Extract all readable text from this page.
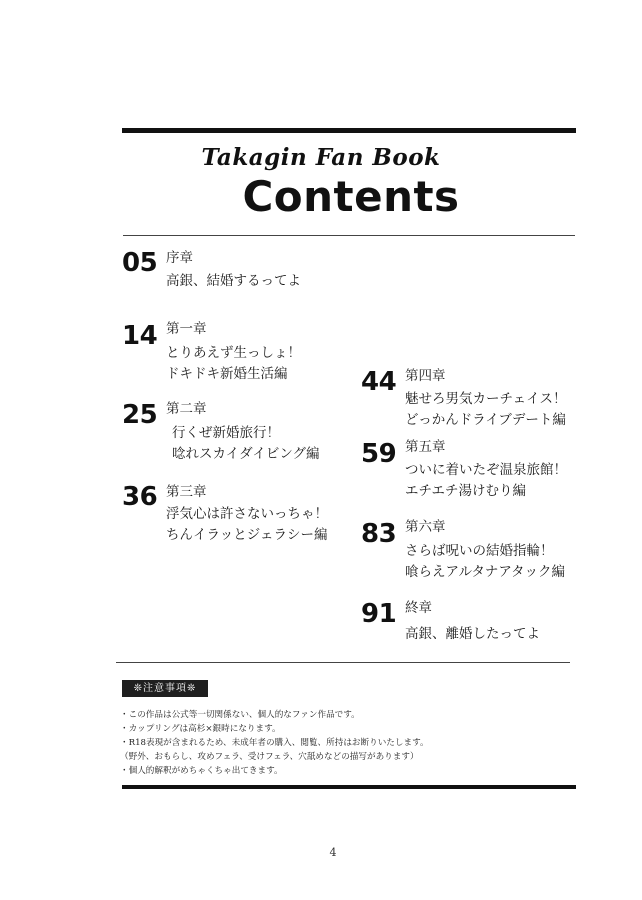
Takagin Fan Book
Contents
05 序章
高銀、結婚するってよ
14 第一章
とりあえず生っしょ！
ドキドキ新婚生活編
25 第二章
行くぜ新婚旅行！
唸れスカイダイビング編
36 第三章
浮気心は許さないっちゃ！
ちんイラッとジェラシー編
44 第四章
魅せろ男気カーチェイス！
どっかんドライブデート編
59 第五章
ついに着いたぞ温泉旅館！
エチエチ湯けむり編
83 第六章
さらば呪いの結婚指輪！
喰らえアルタナアタック編
91 終章
高銀、離婚したってよ
❊注意事項❊
・この作品は公式等一切関係ない、個人的なファン作品です。
・カップリングは高杉×銀時になります。
・R18表現が含まれるため、未成年者の購入、閲覧、所持はお断りいたします。
（野外、おもらし、攻めフェラ、受けフェラ、穴舐めなどの描写があります）
・個人的解釈がめちゃくちゃ出てきます。
4
